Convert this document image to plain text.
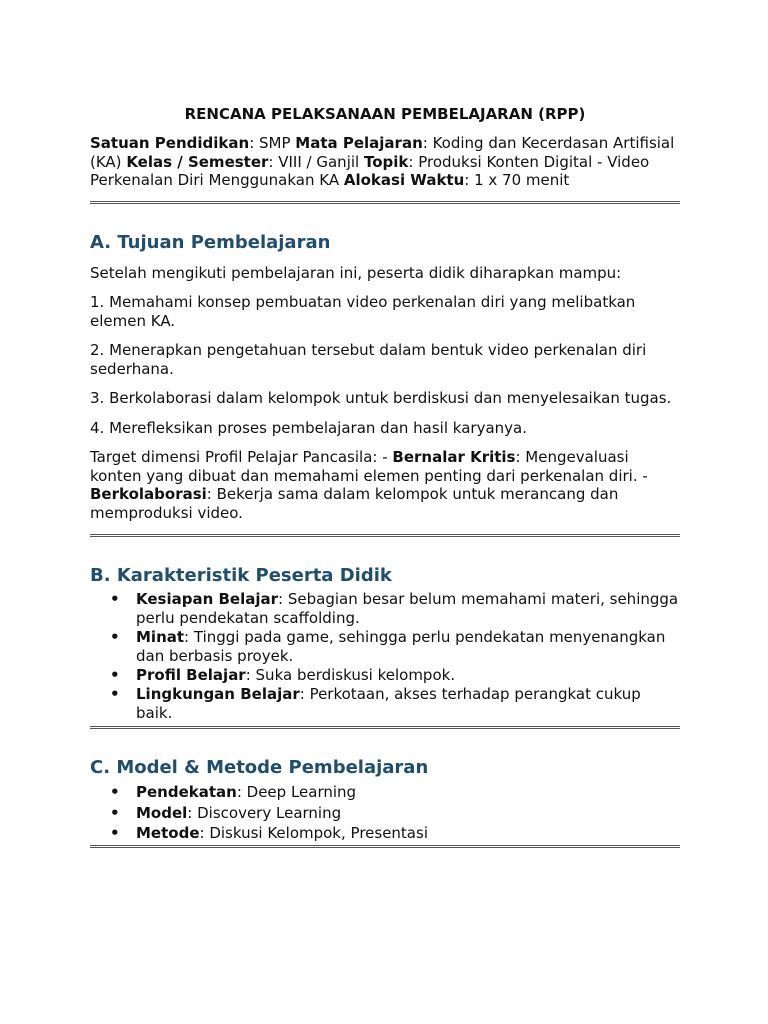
RENCANA PELAKSANAAN PEMBELAJARAN (RPP)

Satuan Pendidikan: SMP Mata Pelajaran: Koding dan Kecerdasan Artifisial (KA) Kelas / Semester: VIII / Ganjil Topik: Produksi Konten Digital - Video Perkenalan Diri Menggunakan KA Alokasi Waktu: 1 x 70 menit

A. Tujuan Pembelajaran

Setelah mengikuti pembelajaran ini, peserta didik diharapkan mampu:

1. Memahami konsep pembuatan video perkenalan diri yang melibatkan elemen KA.

2. Menerapkan pengetahuan tersebut dalam bentuk video perkenalan diri sederhana.

3. Berkolaborasi dalam kelompok untuk berdiskusi dan menyelesaikan tugas.

4. Merefleksikan proses pembelajaran dan hasil karyanya.

Target dimensi Profil Pelajar Pancasila: - Bernalar Kritis: Mengevaluasi konten yang dibuat dan memahami elemen penting dari perkenalan diri. - Berkolaborasi: Bekerja sama dalam kelompok untuk merancang dan memproduksi video.

B. Karakteristik Peserta Didik
• Kesiapan Belajar: Sebagian besar belum memahami materi, sehingga perlu pendekatan scaffolding.
• Minat: Tinggi pada game, sehingga perlu pendekatan menyenangkan dan berbasis proyek.
• Profil Belajar: Suka berdiskusi kelompok.
• Lingkungan Belajar: Perkotaan, akses terhadap perangkat cukup baik.
C. Model & Metode Pembelajaran
• Pendekatan: Deep Learning
• Model: Discovery Learning
• Metode: Diskusi Kelompok, Presentasi
